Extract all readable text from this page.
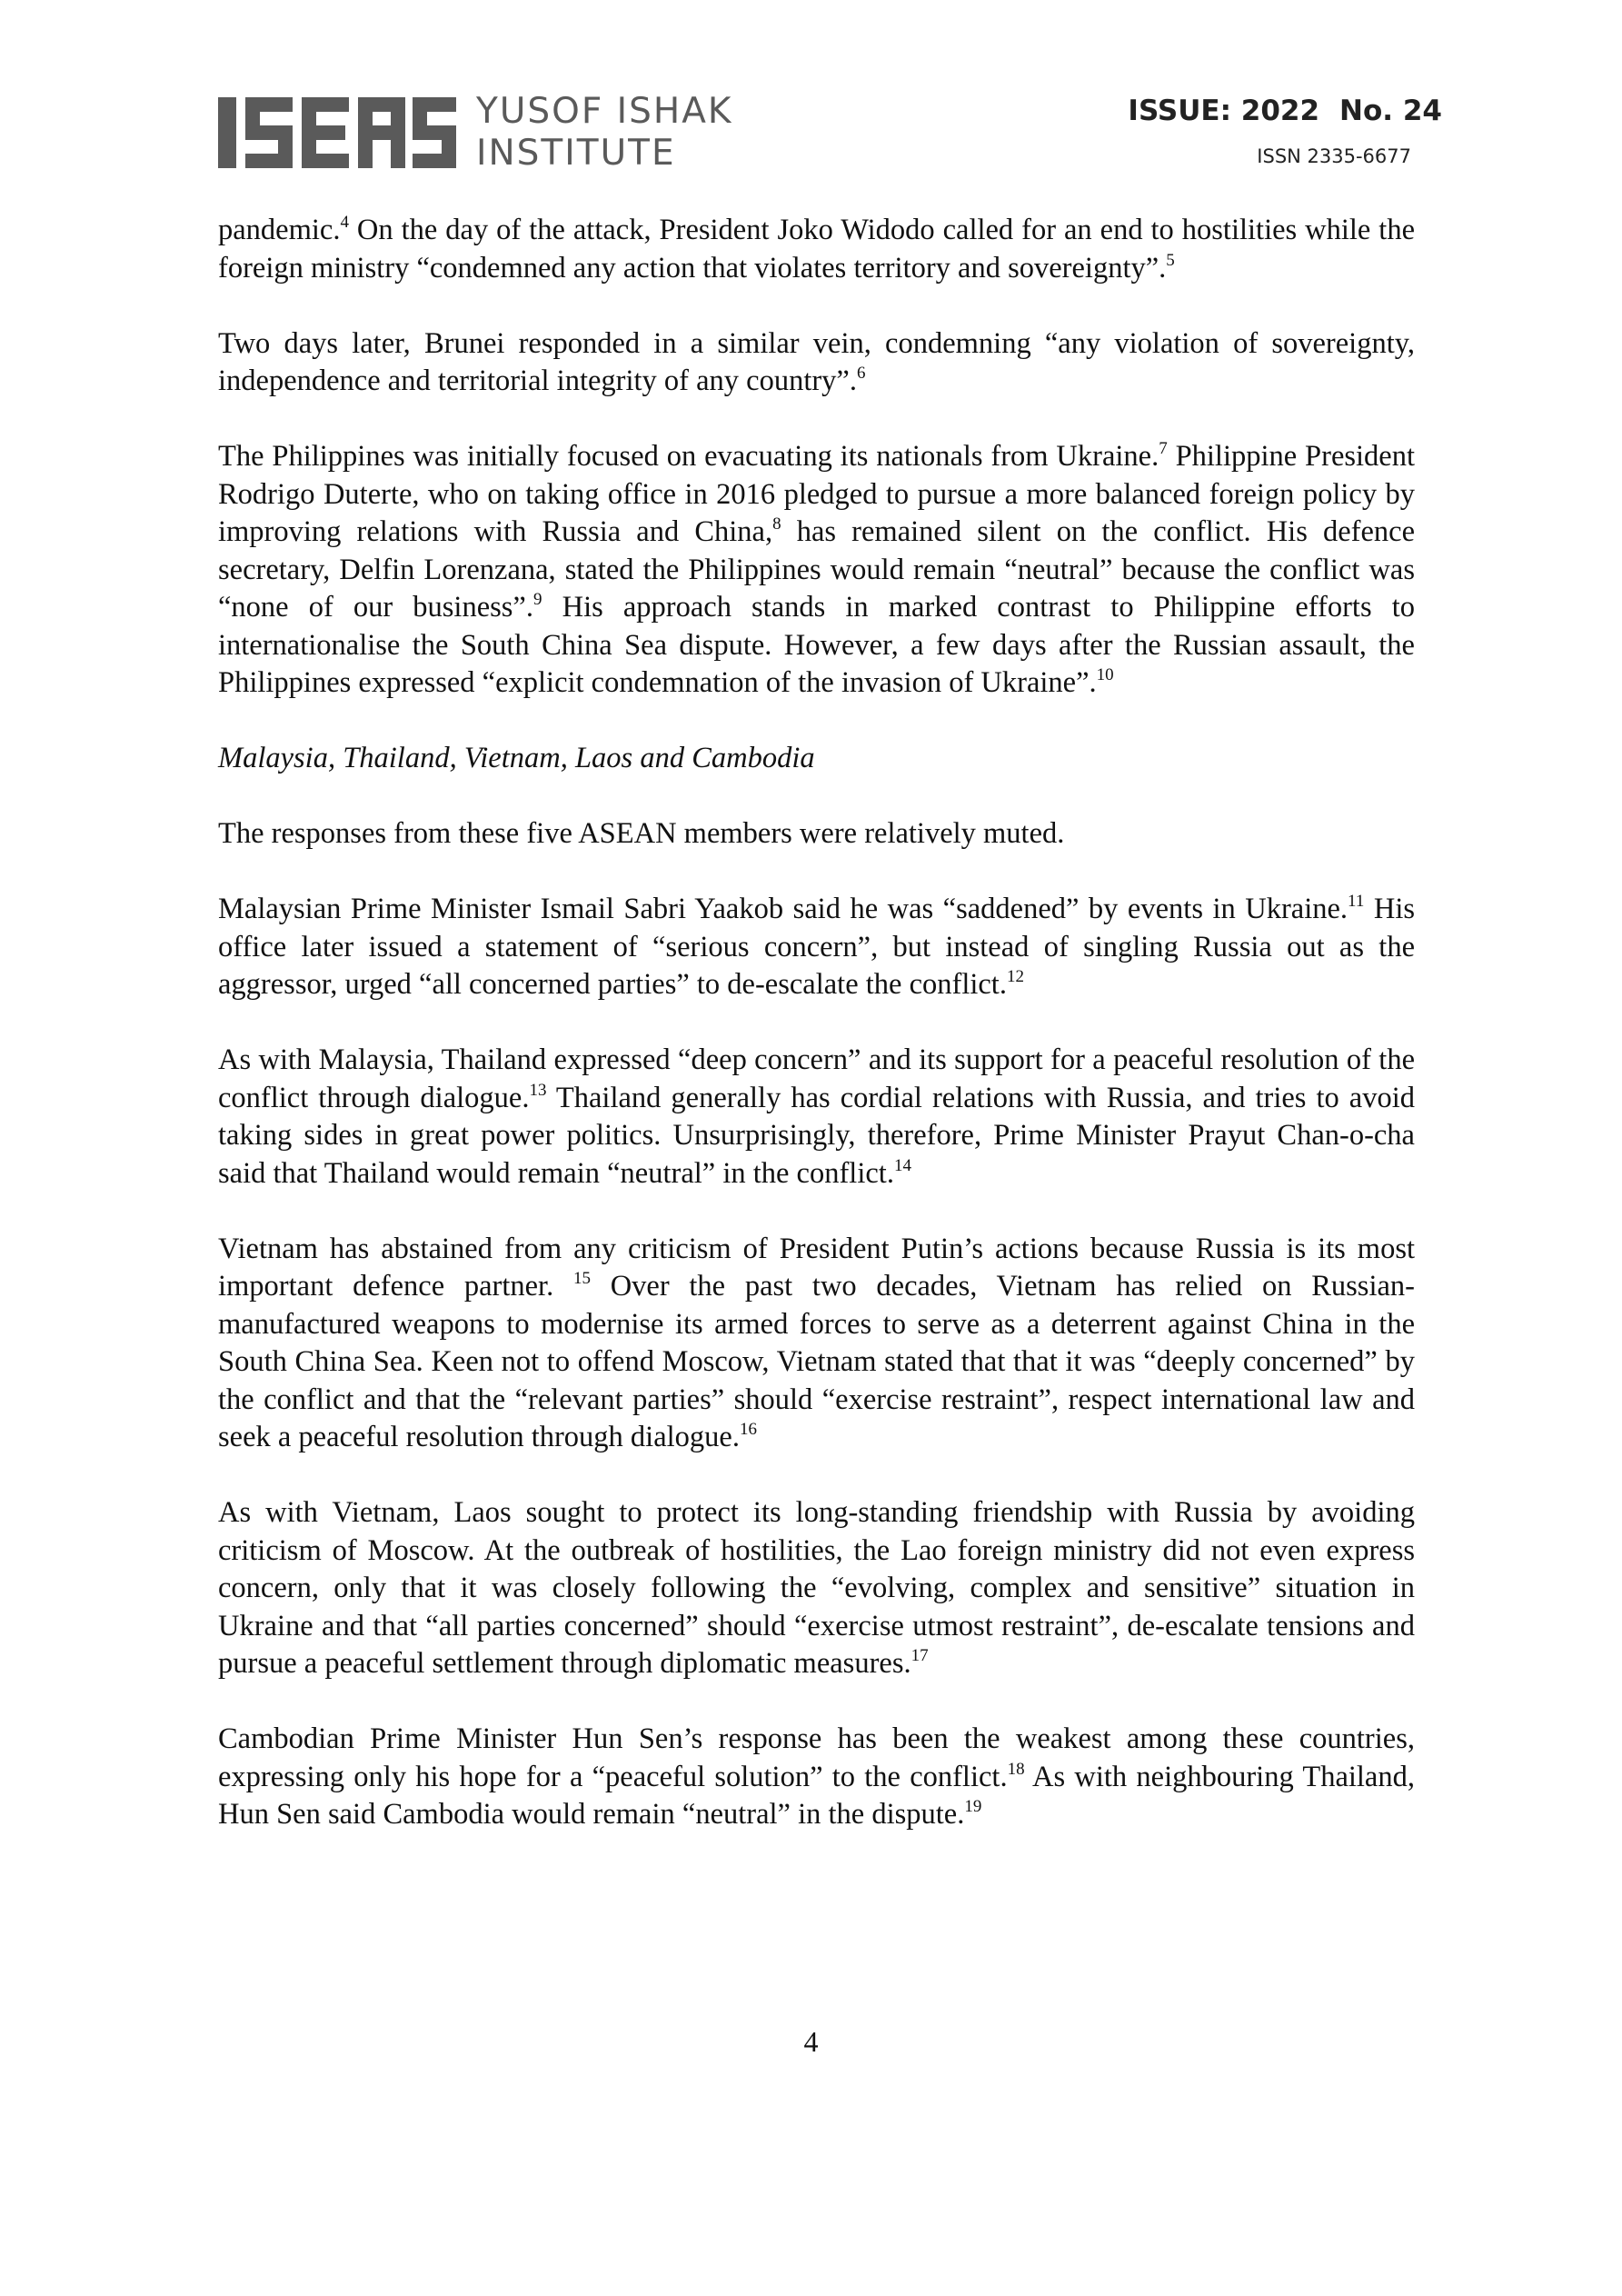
YUSOF ISHAK
INSTITUTE
ISSUE: 2022 No. 24
ISSN 2335-6677

pandemic.$^4$ On the day of the attack, President Joko Widodo called for an end to hostilities while the foreign ministry “condemned any action that violates territory and sovereignty”.$^5$

Two days later, Brunei responded in a similar vein, condemning “any violation of sovereignty, independence and territorial integrity of any country”.$^6$

The Philippines was initially focused on evacuating its nationals from Ukraine.$^7$ Philippine President Rodrigo Duterte, who on taking office in 2016 pledged to pursue a more balanced foreign policy by improving relations with Russia and China,$^8$ has remained silent on the conflict. His defence secretary, Delfin Lorenzana, stated the Philippines would remain “neutral” because the conflict was “none of our business”.$^9$ His approach stands in marked contrast to Philippine efforts to internationalise the South China Sea dispute. However, a few days after the Russian assault, the Philippines expressed “explicit condemnation of the invasion of Ukraine”.$^{10}$

Malaysia, Thailand, Vietnam, Laos and Cambodia

The responses from these five ASEAN members were relatively muted.

Malaysian Prime Minister Ismail Sabri Yaakob said he was “saddened” by events in Ukraine.$^{11}$ His office later issued a statement of “serious concern”, but instead of singling Russia out as the aggressor, urged “all concerned parties” to de-escalate the conflict.$^{12}$

As with Malaysia, Thailand expressed “deep concern” and its support for a peaceful resolution of the conflict through dialogue.$^{13}$ Thailand generally has cordial relations with Russia, and tries to avoid taking sides in great power politics. Unsurprisingly, therefore, Prime Minister Prayut Chan-o-cha said that Thailand would remain “neutral” in the conflict.$^{14}$

Vietnam has abstained from any criticism of President Putin’s actions because Russia is its most important defence partner. $^{15}$ Over the past two decades, Vietnam has relied on Russian-manufactured weapons to modernise its armed forces to serve as a deterrent against China in the South China Sea. Keen not to offend Moscow, Vietnam stated that that it was “deeply concerned” by the conflict and that the “relevant parties” should “exercise restraint”, respect international law and seek a peaceful resolution through dialogue.$^{16}$

As with Vietnam, Laos sought to protect its long-standing friendship with Russia by avoiding criticism of Moscow. At the outbreak of hostilities, the Lao foreign ministry did not even express concern, only that it was closely following the “evolving, complex and sensitive” situation in Ukraine and that “all parties concerned” should “exercise utmost restraint”, de-escalate tensions and pursue a peaceful settlement through diplomatic measures.$^{17}$

Cambodian Prime Minister Hun Sen’s response has been the weakest among these countries, expressing only his hope for a “peaceful solution” to the conflict.$^{18}$ As with neighbouring Thailand, Hun Sen said Cambodia would remain “neutral” in the dispute.$^{19}$

4
